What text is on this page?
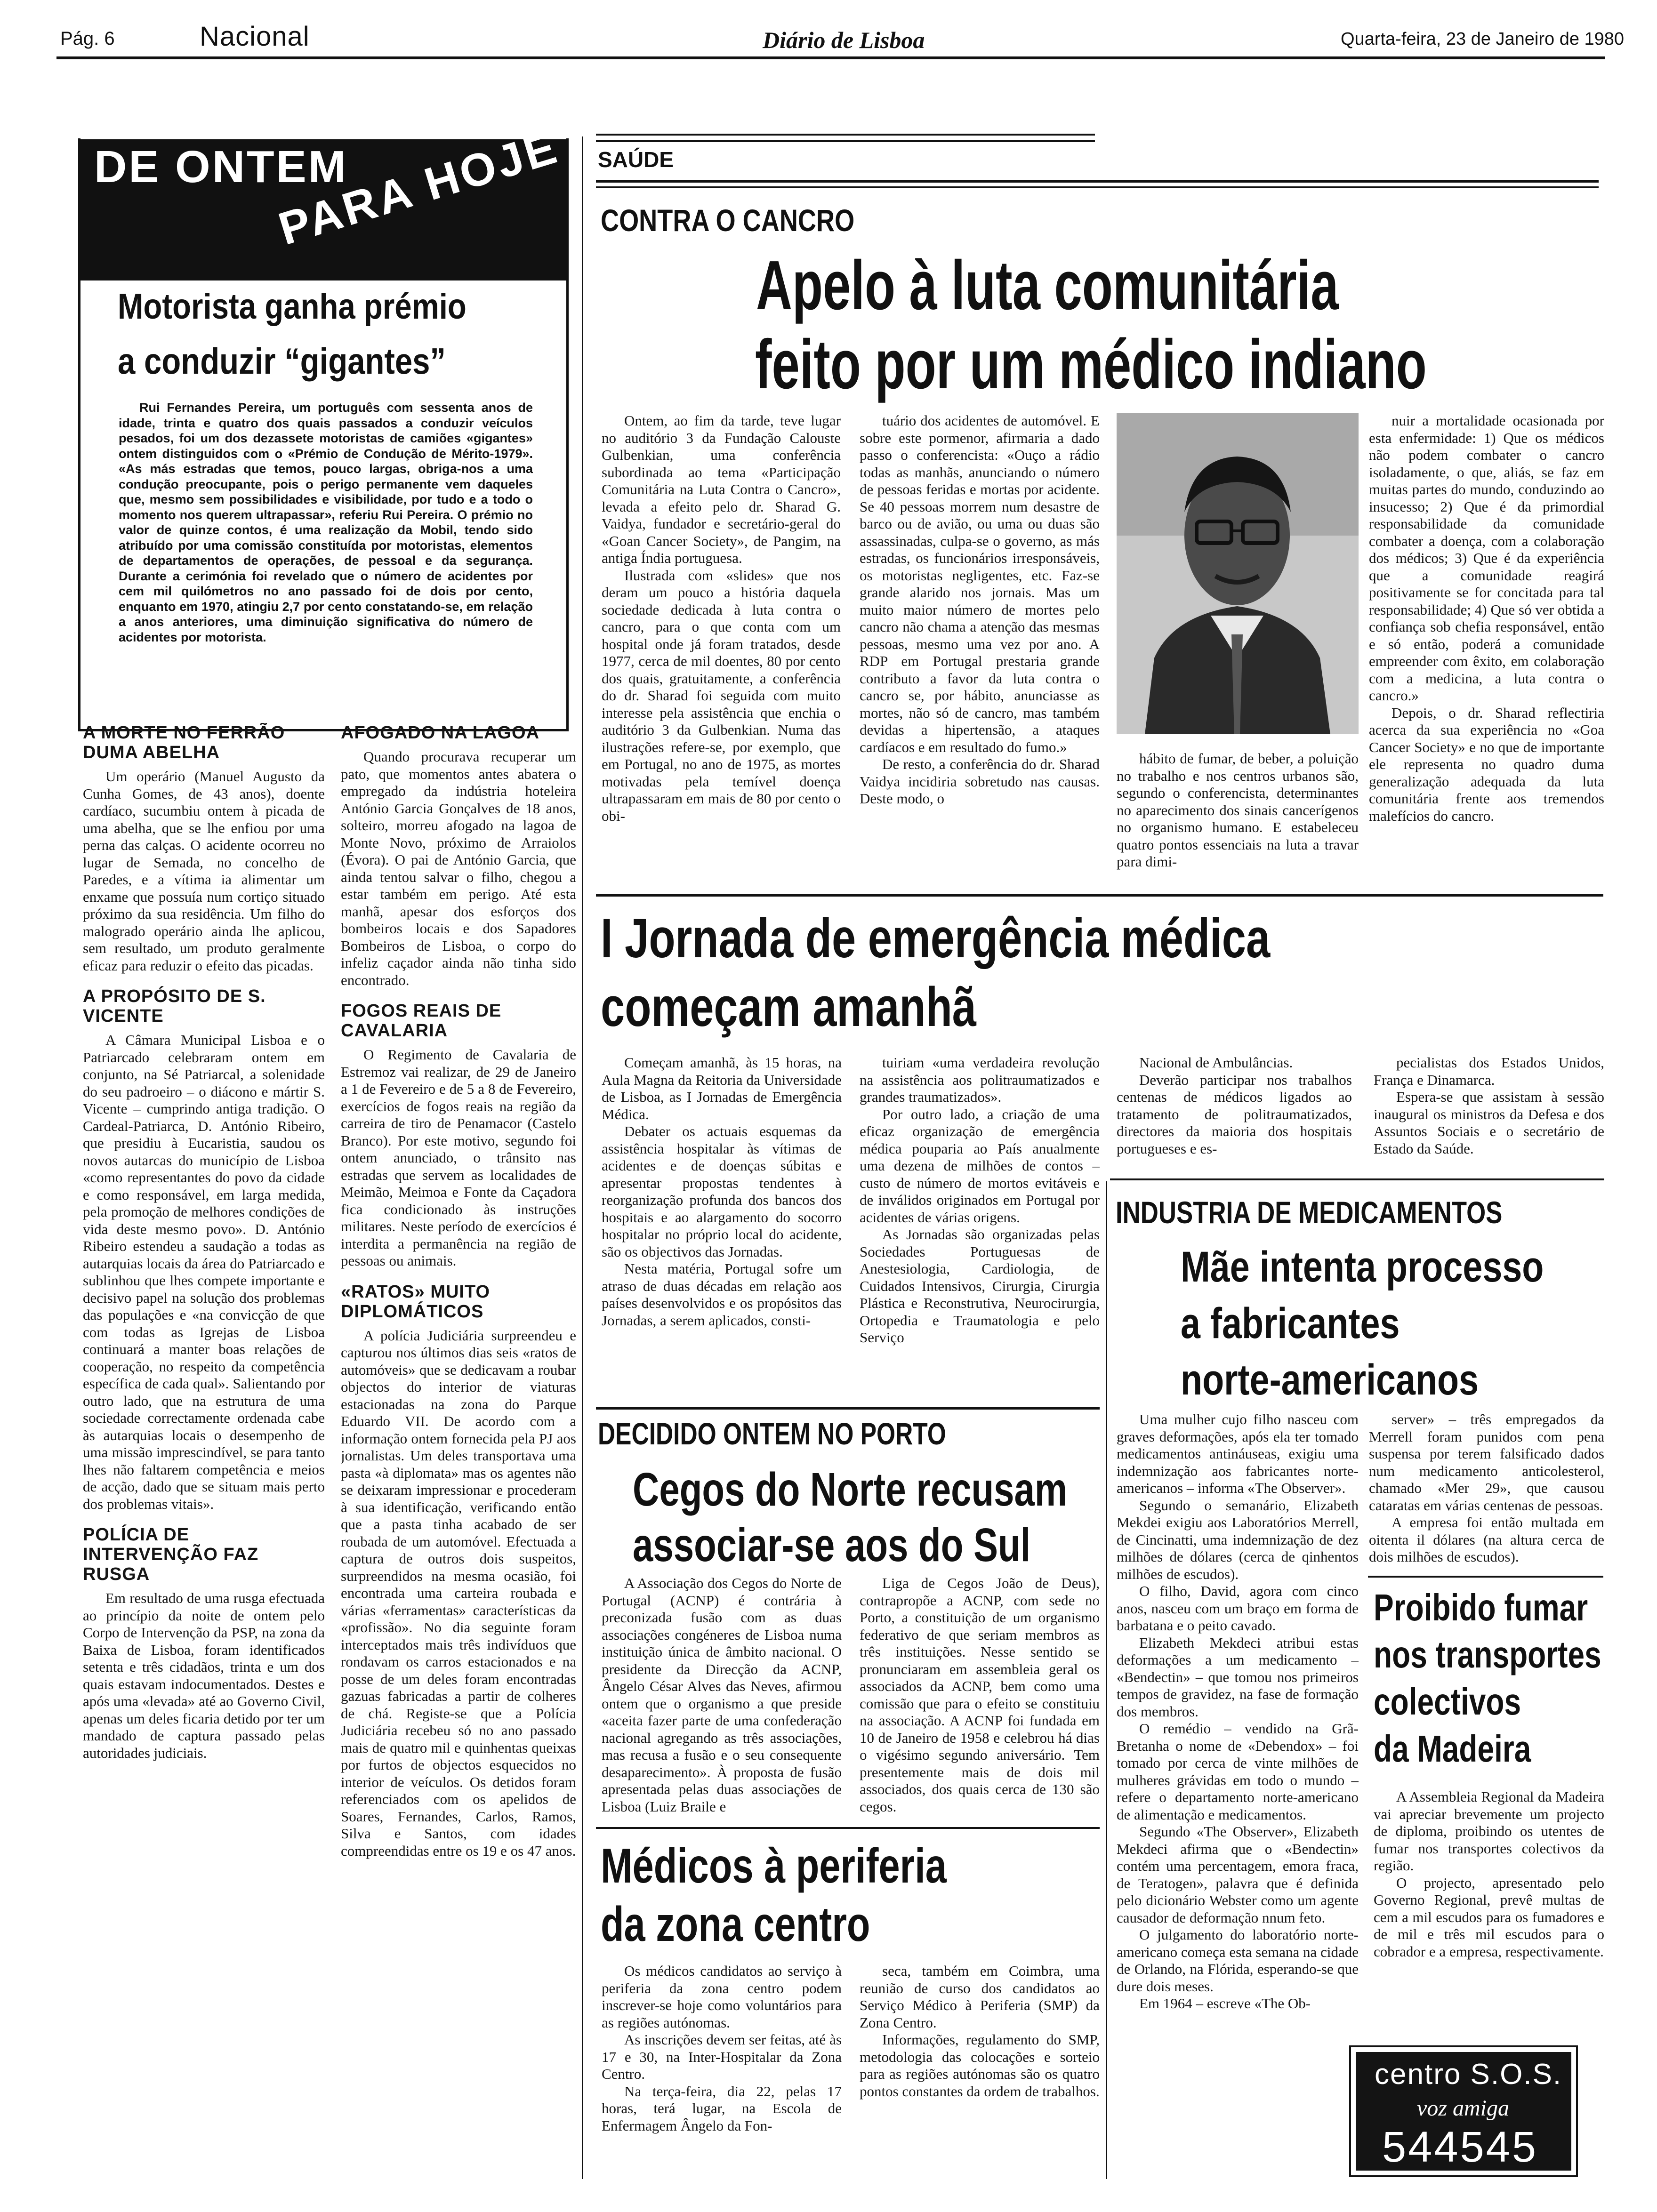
Pág. 6	Nacional	Diário de Lisboa	Quarta-feira, 23 de Janeiro de 1980
DE ONTEM
PARA HOJE
Motorista ganha prémio
a conduzir “gigantes”

Rui Fernandes Pereira, um português com sessenta anos de idade, trinta e quatro dos quais passados a conduzir veículos pesados, foi um dos dezassete motoristas de camiões «gigantes» ontem distinguidos com o «Prémio de Condução de Mérito-1979». «As más estradas que temos, pouco largas, obriga-nos a uma condução preocupante, pois o perigo permanente vem daqueles que, mesmo sem possibilidades e visibilidade, por tudo e a todo o momento nos querem ultrapassar», referiu Rui Pereira. O prémio no valor de quinze contos, é uma realização da Mobil, tendo sido atribuído por uma comissão constituída por motoristas, elementos de departamentos de operações, de pessoal e da segurança. Durante a cerimónia foi revelado que o número de acidentes por cem mil quilómetros no ano passado foi de dois por cento, enquanto em 1970, atingiu 2,7 por cento constatando-se, em relação a anos anteriores, uma diminuição significativa do número de acidentes por motorista.

A MORTE NO FERRÃO DUMA ABELHA

Um operário (Manuel Augusto da Cunha Gomes, de 43 anos), doente cardíaco, sucumbiu ontem à picada de uma abelha, que se lhe enfiou por uma perna das calças. O acidente ocorreu no lugar de Semada, no concelho de Paredes, e a vítima ia alimentar um enxame que possuía num cortiço situado próximo da sua residência. Um filho do malogrado operário ainda lhe aplicou, sem resultado, um produto geralmente eficaz para reduzir o efeito das picadas.

A PROPÓSITO DE S. VICENTE

A Câmara Municipal Lisboa e o Patriarcado celebraram ontem em conjunto, na Sé Patriarcal, a solenidade do seu padroeiro – o diácono e mártir S. Vicente – cumprindo antiga tradição. O Cardeal-Patriarca, D. António Ribeiro, que presidiu à Eucaristia, saudou os novos autarcas do município de Lisboa «como representantes do povo da cidade e como responsável, em larga medida, pela promoção de melhores condições de vida deste mesmo povo». D. António Ribeiro estendeu a saudação a todas as autarquias locais da área do Patriarcado e sublinhou que lhes compete importante e decisivo papel na solução dos problemas das populações e «na convicção de que com todas as Igrejas de Lisboa continuará a manter boas relações de cooperação, no respeito da competência específica de cada qual». Salientando por outro lado, que na estrutura de uma sociedade correctamente ordenada cabe às autarquias locais o desempenho de uma missão imprescindível, se para tanto lhes não faltarem competência e meios de acção, dado que se situam mais perto dos problemas vitais».

POLÍCIA DE INTERVENÇÃO FAZ RUSGA

Em resultado de uma rusga efectuada ao princípio da noite de ontem pelo Corpo de Intervenção da PSP, na zona da Baixa de Lisboa, foram identificados setenta e três cidadãos, trinta e um dos quais estavam indocumentados. Destes e após uma «levada» até ao Governo Civil, apenas um deles ficaria detido por ter um mandado de captura passado pelas autoridades judiciais.

AFOGADO NA LAGOA

Quando procurava recuperar um pato, que momentos antes abatera o empregado da indústria hoteleira António Garcia Gonçalves de 18 anos, solteiro, morreu afogado na lagoa de Monte Novo, próximo de Arraiolos (Évora). O pai de António Garcia, que ainda tentou salvar o filho, chegou a estar também em perigo. Até esta manhã, apesar dos esforços dos bombeiros locais e dos Sapadores Bombeiros de Lisboa, o corpo do infeliz caçador ainda não tinha sido encontrado.

FOGOS REAIS DE CAVALARIA

O Regimento de Cavalaria de Estremoz vai realizar, de 29 de Janeiro a 1 de Fevereiro e de 5 a 8 de Fevereiro, exercícios de fogos reais na região da carreira de tiro de Penamacor (Castelo Branco). Por este motivo, segundo foi ontem anunciado, o trânsito nas estradas que servem as localidades de Meimão, Meimoa e Fonte da Caçadora fica condicionado às instruções militares. Neste período de exercícios é interdita a permanência na região de pessoas ou animais.

«RATOS» MUITO DIPLOMÁTICOS

A polícia Judiciária surpreendeu e capturou nos últimos dias seis «ratos de automóveis» que se dedicavam a roubar objectos do interior de viaturas estacionadas na zona do Parque Eduardo VII. De acordo com a informação ontem fornecida pela PJ aos jornalistas. Um deles transportava uma pasta «à diplomata» mas os agentes não se deixaram impressionar e procederam à sua identificação, verificando então que a pasta tinha acabado de ser roubada de um automóvel. Efectuada a captura de outros dois suspeitos, surpreendidos na mesma ocasião, foi encontrada uma carteira roubada e várias «ferramentas» características da «profissão». No dia seguinte foram interceptados mais três indivíduos que rondavam os carros estacionados e na posse de um deles foram encontradas gazuas fabricadas a partir de colheres de chá. Registe-se que a Polícia Judiciária recebeu só no ano passado mais de quatro mil e quinhentas queixas por furtos de objectos esquecidos no interior de veículos. Os detidos foram referenciados com os apelidos de Soares, Fernandes, Carlos, Ramos, Silva e Santos, com idades compreendidas entre os 19 e os 47 anos.

SAÚDE
CONTRA O CANCRO
Apelo à luta comunitária
feito por um médico indiano

Ontem, ao fim da tarde, teve lugar no auditório 3 da Fundação Calouste Gulbenkian, uma conferência subordinada ao tema «Participação Comunitária na Luta Contra o Cancro», levada a efeito pelo dr. Sharad G. Vaidya, fundador e secretário-geral do «Goan Cancer Society», de Pangim, na antiga Índia portuguesa.

Ilustrada com «slides» que nos deram um pouco a história daquela sociedade dedicada à luta contra o cancro, para o que conta com um hospital onde já foram tratados, desde 1977, cerca de mil doentes, 80 por cento dos quais, gratuitamente, a conferência do dr. Sharad foi seguida com muito interesse pela assistência que enchia o auditório 3 da Gulbenkian. Numa das ilustrações refere-se, por exemplo, que em Portugal, no ano de 1975, as mortes motivadas pela temível doença ultrapassaram em mais de 80 por cento o obi-

tuário dos acidentes de automóvel. E sobre este pormenor, afirmaria a dado passo o conferencista: «Ouço a rádio todas as manhãs, anunciando o número de pessoas feridas e mortas por acidente. Se 40 pessoas morrem num desastre de barco ou de avião, ou uma ou duas são assassinadas, culpa-se o governo, as más estradas, os funcionários irresponsáveis, os motoristas negligentes, etc. Faz-se grande alarido nos jornais. Mas um muito maior número de mortes pelo cancro não chama a atenção das mesmas pessoas, mesmo uma vez por ano. A RDP em Portugal prestaria grande contributo a favor da luta contra o cancro se, por hábito, anunciasse as mortes, não só de cancro, mas também devidas a hipertensão, a ataques cardíacos e em resultado do fumo.»

De resto, a conferência do dr. Sharad Vaidya incidiria sobretudo nas causas. Deste modo, o

hábito de fumar, de beber, a poluição no trabalho e nos centros urbanos são, segundo o conferencista, determinantes no aparecimento dos sinais cancerígenos no organismo humano. E estabeleceu quatro pontos essenciais na luta a travar para dimi-

nuir a mortalidade ocasionada por esta enfermidade: 1) Que os médicos não podem combater o cancro isoladamente, o que, aliás, se faz em muitas partes do mundo, conduzindo ao insucesso; 2) Que é da primordial responsabilidade da comunidade combater a doença, com a colaboração dos médicos; 3) Que é da experiência que a comunidade reagirá positivamente se for concitada para tal responsabilidade; 4) Que só ver obtida a confiança sob chefia responsável, então e só então, poderá a comunidade empreender com êxito, em colaboração com a medicina, a luta contra o cancro.»

Depois, o dr. Sharad reflectiria acerca da sua experiência no «Goa Cancer Society» e no que de importante ele representa no quadro duma generalização adequada da luta comunitária frente aos tremendos malefícios do cancro.

I Jornada de emergência médica
começam amanhã

Começam amanhã, às 15 horas, na Aula Magna da Reitoria da Universidade de Lisboa, as I Jornadas de Emergência Médica.

Debater os actuais esquemas da assistência hospitalar às vítimas de acidentes e de doenças súbitas e apresentar propostas tendentes à reorganização profunda dos bancos dos hospitais e ao alargamento do socorro hospitalar no próprio local do acidente, são os objectivos das Jornadas.

Nesta matéria, Portugal sofre um atraso de duas décadas em relação aos países desenvolvidos e os propósitos das Jornadas, a serem aplicados, consti-

tuiriam «uma verdadeira revolução na assistência aos politraumatizados e grandes traumatizados».

Por outro lado, a criação de uma eficaz organização de emergência médica pouparia ao País anualmente uma dezena de milhões de contos – custo de número de mortos evitáveis e de inválidos originados em Portugal por acidentes de várias origens.

As Jornadas são organizadas pelas Sociedades Portuguesas de Anestesiologia, Cardiologia, de Cuidados Intensivos, Cirurgia, Cirurgia Plástica e Reconstrutiva, Neurocirurgia, Ortopedia e Traumatologia e pelo Serviço

Nacional de Ambulâncias.

Deverão participar nos trabalhos centenas de médicos ligados ao tratamento de politraumatizados, directores da maioria dos hospitais portugueses e es-

pecialistas dos Estados Unidos, França e Dinamarca.

Espera-se que assistam à sessão inaugural os ministros da Defesa e dos Assuntos Sociais e o secretário de Estado da Saúde.

INDUSTRIA DE MEDICAMENTOS
Mãe intenta processo
a fabricantes
norte-americanos

Uma mulher cujo filho nasceu com graves deformações, após ela ter tomado medicamentos antináuseas, exigiu uma indemnização aos fabricantes norte-americanos – informa «The Observer».

Segundo o semanário, Elizabeth Mekdei exigiu aos Laboratórios Merrell, de Cincinatti, uma indemnização de dez milhões de dólares (cerca de qinhentos milhões de escudos).

O filho, David, agora com cinco anos, nasceu com um braço em forma de barbatana e o peito cavado.

Elizabeth Mekdeci atribui estas deformações a um medicamento – «Bendectin» – que tomou nos primeiros tempos de gravidez, na fase de formação dos membros.

O remédio – vendido na Grã-Bretanha o nome de «Debendox» – foi tomado por cerca de vinte milhões de mulheres grávidas em todo o mundo – refere o departamento norte-americano de alimentação e medicamentos.

Segundo «The Observer», Elizabeth Mekdeci afirma que o «Bendectin» contém uma percentagem, emora fraca, de Teratogen», palavra que é definida pelo dicionário Webster como um agente causador de deformação nnum feto.

O julgamento do laboratório norte-americano começa esta semana na cidade de Orlando, na Flórida, esperando-se que dure dois meses.

Em 1964 – escreve «The Ob-

server» – três empregados da Merrell foram punidos com pena suspensa por terem falsificado dados num medicamento anticolesterol, chamado «Mer 29», que causou cataratas em várias centenas de pessoas.

A empresa foi então multada em oitenta il dólares (na altura cerca de dois milhões de escudos).

Proibido fumar
nos transportes
colectivos
da Madeira

A Assembleia Regional da Madeira vai apreciar brevemente um projecto de diploma, proibindo os utentes de fumar nos transportes colectivos da região.

O projecto, apresentado pelo Governo Regional, prevê multas de cem a mil escudos para os fumadores e de mil e três mil escudos para o cobrador e a empresa, respectivamente.

centro S.O.S.
voz amiga
544545
DECIDIDO ONTEM NO PORTO
Cegos do Norte recusam
associar-se aos do Sul

A Associação dos Cegos do Norte de Portugal (ACNP) é contrária à preconizada fusão com as duas associações congéneres de Lisboa numa instituição única de âmbito nacional. O presidente da Direcção da ACNP, Ângelo César Alves das Neves, afirmou ontem que o organismo a que preside «aceita fazer parte de uma confederação nacional agregando as três associações, mas recusa a fusão e o seu consequente desaparecimento». À proposta de fusão apresentada pelas duas associações de Lisboa (Luiz Braile e

Liga de Cegos João de Deus), contrapropõe a ACNP, com sede no Porto, a constituição de um organismo federativo de que seriam membros as três instituições. Nesse sentido se pronunciaram em assembleia geral os associados da ACNP, bem como uma comissão que para o efeito se constituiu na associação. A ACNP foi fundada em 10 de Janeiro de 1958 e celebrou há dias o vigésimo segundo aniversário. Tem presentemente mais de dois mil associados, dos quais cerca de 130 são cegos.

Médicos à periferia
da zona centro

Os médicos candidatos ao serviço à periferia da zona centro podem inscrever-se hoje como voluntários para as regiões autónomas.

As inscrições devem ser feitas, até às 17 e 30, na Inter-Hospitalar da Zona Centro.

Na terça-feira, dia 22, pelas 17 horas, terá lugar, na Escola de Enfermagem Ângelo da Fon-

seca, também em Coimbra, uma reunião de curso dos candidatos ao Serviço Médico à Periferia (SMP) da Zona Centro.

Informações, regulamento do SMP, metodologia das colocações e sorteio para as regiões autónomas são os quatro pontos constantes da ordem de trabalhos.
